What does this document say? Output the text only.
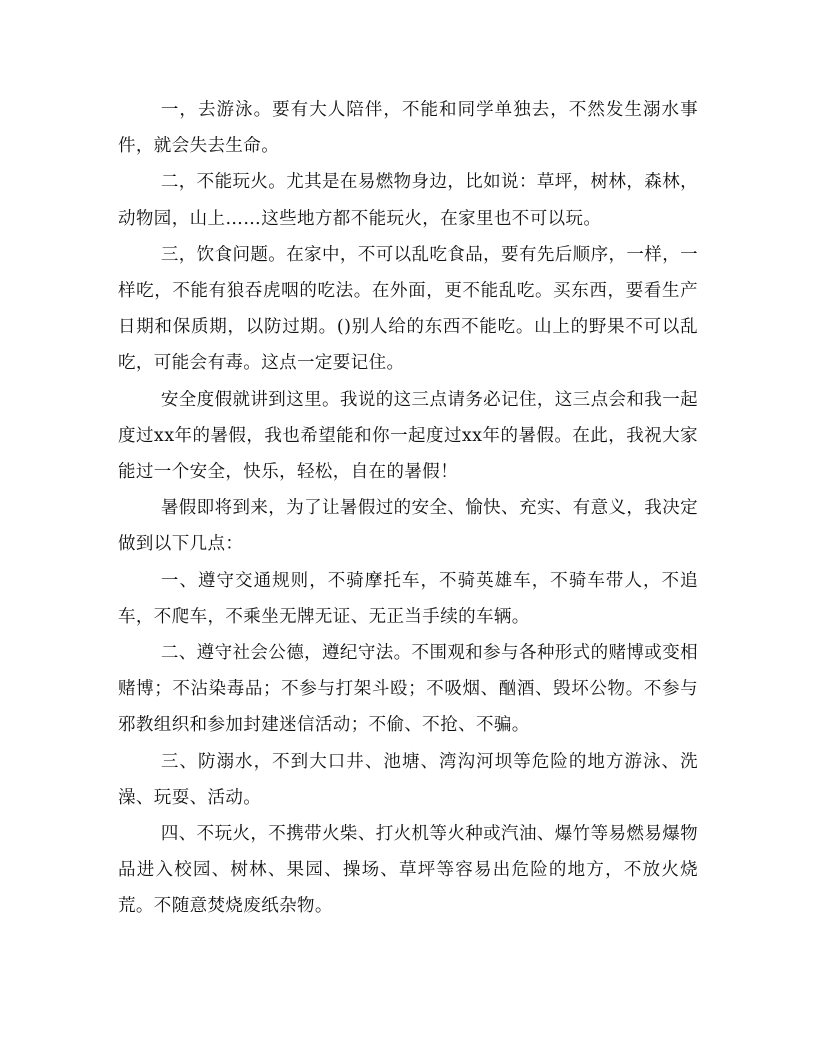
一，去游泳。要有大人陪伴，不能和同学单独去，不然发生溺水事件，就会失去生命。

二，不能玩火。尤其是在易燃物身边，比如说：草坪，树林，森林，动物园，山上……这些地方都不能玩火，在家里也不可以玩。

三，饮食问题。在家中，不可以乱吃食品，要有先后顺序，一样，一样吃，不能有狼吞虎咽的吃法。在外面，更不能乱吃。买东西，要看生产日期和保质期，以防过期。()别人给的东西不能吃。山上的野果不可以乱吃，可能会有毒。这点一定要记住。

安全度假就讲到这里。我说的这三点请务必记住，这三点会和我一起度过xx年的暑假，我也希望能和你一起度过xx年的暑假。在此，我祝大家能过一个安全，快乐，轻松，自在的暑假！

暑假即将到来，为了让暑假过的安全、愉快、充实、有意义，我决定做到以下几点：

一、遵守交通规则，不骑摩托车，不骑英雄车，不骑车带人，不追车，不爬车，不乘坐无牌无证、无正当手续的车辆。

二、遵守社会公德，遵纪守法。不围观和参与各种形式的赌博或变相赌博；不沾染毒品；不参与打架斗殴；不吸烟、酗酒、毁坏公物。不参与邪教组织和参加封建迷信活动；不偷、不抢、不骗。

三、防溺水，不到大口井、池塘、湾沟河坝等危险的地方游泳、洗澡、玩耍、活动。

四、不玩火，不携带火柴、打火机等火种或汽油、爆竹等易燃易爆物品进入校园、树林、果园、操场、草坪等容易出危险的地方，不放火烧荒。不随意焚烧废纸杂物。
